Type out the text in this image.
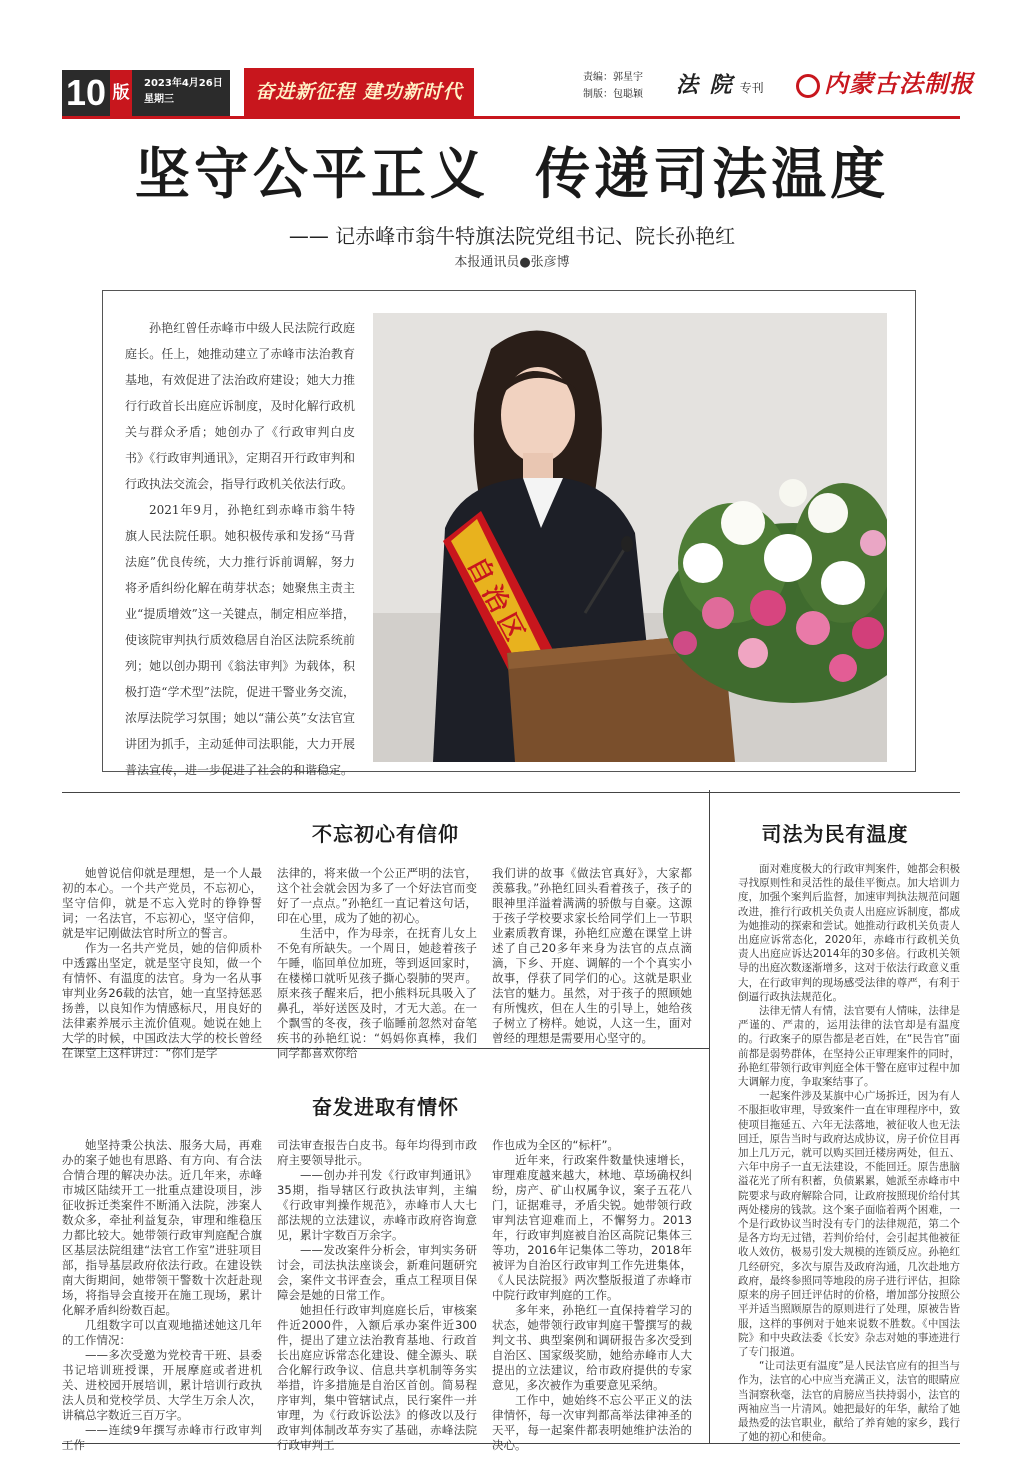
10 版 2023年4月26日
星期三	奋进新征程 建功新时代
责编：郭星宇
制版：包聪颖 法 院 专刊	内蒙古法制报
坚守公平正义  传递司法温度
—— 记赤峰市翁牛特旗法院党组书记、院长孙艳红
本报通讯员●张彦博

孙艳红曾任赤峰市中级人民法院行政庭庭长。任上，她推动建立了赤峰市法治教育基地，有效促进了法治政府建设；她大力推行行政首长出庭应诉制度，及时化解行政机关与群众矛盾；她创办了《行政审判白皮书》《行政审判通讯》，定期召开行政审判和行政执法交流会，指导行政机关依法行政。

2021年9月，孙艳红到赤峰市翁牛特旗人民法院任职。她积极传承和发扬“马背法庭”优良传统，大力推行诉前调解，努力将矛盾纠纷化解在萌芽状态；她聚焦主责主业“提质增效”这一关键点，制定相应举措，使该院审判执行质效稳居自治区法院系统前列；她以创办期刊《翁法审判》为载体，积极打造“学术型”法院，促进干警业务交流，浓厚法院学习氛围；她以“蒲公英”女法官宣讲团为抓手，主动延伸司法职能，大力开展普法宣传，进一步促进了社会的和谐稳定。

自治区
不忘初心有信仰

她曾说信仰就是理想，是一个人最初的本心。一个共产党员，不忘初心，坚守信仰，就是不忘入党时的铮铮誓词；一名法官，不忘初心，坚守信仰，就是牢记刚做法官时所立的誓言。

作为一名共产党员，她的信仰质朴中透露出坚定，就是坚守良知，做一个有情怀、有温度的法官。身为一名从事审判业务26载的法官，她一直坚持惩恶扬善，以良知作为情感标尺，用良好的法律素养展示主流价值观。她说在她上大学的时候，中国政法大学的校长曾经在课堂上这样讲过：“你们是学

法律的，将来做一个公正严明的法官，这个社会就会因为多了一个好法官而变好了一点点。”孙艳红一直记着这句话，印在心里，成为了她的初心。

生活中，作为母亲，在抚育儿女上不免有所缺失。一个周日，她趁着孩子午睡，临回单位加班，等到返回家时，在楼梯口就听见孩子撕心裂肺的哭声。原来孩子醒来后，把小熊料玩具吸入了鼻孔，举好送医及时，才无大恙。在一个飘雪的冬夜，孩子临睡前忽然对奋笔疾书的孙艳红说：“妈妈你真棒，我们同学都喜欢你给

我们讲的故事《做法官真好》，大家都羡慕我。”孙艳红回头看着孩子，孩子的眼神里洋溢着满满的骄傲与自豪。这源于孩子学校要求家长给同学们上一节职业素质教育课，孙艳红应邀在课堂上讲述了自己20多年来身为法官的点点滴滴，下乡、开庭、调解的一个个真实小故事，俘获了同学们的心。这就是职业法官的魅力。虽然，对于孩子的照顾她有所愧疚，但在人生的引导上，她给孩子树立了榜样。她说，人这一生，面对曾经的理想是需要用心坚守的。

奋发进取有情怀

她坚持秉公执法、服务大局，再难办的案子她也有思路、有方向、有合法合情合理的解决办法。近几年来，赤峰市城区陆续开工一批重点建设项目，涉征收拆迁类案件不断涌入法院，涉案人数众多，牵扯利益复杂，审理和维稳压力都比较大。她带领行政审判庭配合旗区基层法院组建“法官工作室”进驻项目部，指导基层政府依法行政。在建设铁南大街期间，她带领干警数十次赶赴现场，将指导会直接开在施工现场，累计化解矛盾纠纷数百起。

几组数字可以直观地描述她这几年的工作情况：

——多次受邀为党校青干班、县委书记培训班授课，开展摩庭或者进机关、进校园开展培训，累计培训行政执法人员和党校学员、大学生万余人次，讲稿总字数近三百万字。

——连续9年撰写赤峰市行政审判工作

司法审查报告白皮书。每年均得到市政府主要领导批示。

——创办并刊发《行政审判通讯》35期，指导辖区行政执法审判，主编《行政审判操作规范》，赤峰市人大七部法规的立法建议，赤峰市政府咨询意见，累计字数百万余字。

——发改案件分析会，审判实务研讨会，司法执法座谈会，新难问题研究会，案件文书评查会，重点工程项目保障会是她的日常工作。

她担任行政审判庭庭长后，审核案件近2000件，入额后承办案件近300件，提出了建立法治教育基地、行政首长出庭应诉常态化建设、健全源头、联合化解行政争议、信息共享机制等务实举措，许多措施是自治区首创。简易程序审判，集中管辖试点，民行案件一并审理，为《行政诉讼法》的修改以及行政审判体制改革夯实了基础，赤峰法院行政审判工

作也成为全区的“标杆”。

近年来，行政案件数量快速增长，审理难度越来越大，林地、草场确权纠纷，房产、矿山权属争议，案子五花八门，证据难寻，矛盾尖锐。她带领行政审判法官迎难而上，不懈努力。2013年，行政审判庭被自治区高院记集体三等功，2016年记集体二等功，2018年被评为自治区行政审判工作先进集体，《人民法院报》两次整版报道了赤峰市中院行政审判庭的工作。

多年来，孙艳红一直保持着学习的状态，她带领行政审判庭干警撰写的裁判文书、典型案例和调研报告多次受到自治区、国家级奖励，她给赤峰市人大提出的立法建议，给市政府提供的专家意见，多次被作为重要意见采纳。

工作中，她始终不忘公平正义的法律情怀，每一次审判都高举法律神圣的天平，每一起案件都表明她维护法治的决心。

司法为民有温度

面对难度极大的行政审判案件，她都会积极寻找原则性和灵活性的最佳平衡点。加大培训力度，加强个案判后监督，加速审判执法规范问题改进，推行行政机关负责人出庭应诉制度，都成为她推动的探索和尝试。她推动行政机关负责人出庭应诉常态化，2020年，赤峰市行政机关负责人出庭应诉达2014年的30多倍。行政机关领导的出庭次数逐渐增多，这对于依法行政意义重大，在行政审判的现场感受法律的尊严，有利于倒逼行政执法规范化。

法律无情人有情，法官要有人情味，法律是严谨的、严肃的，运用法律的法官却是有温度的。行政案子的原告都是老百姓，在“民告官”面前都是弱势群体，在坚持公正审理案件的同时，孙艳红带领行政审判庭全体干警在庭审过程中加大调解力度，争取案结事了。

一起案件涉及某旗中心广场拆迁，因为有人不服拒收审理，导致案件一直在审理程序中，致使项目拖延五、六年无法落地，被征收人也无法回迁，原告当时与政府达成协议，房子价位目再加上几万元，就可以购买回迁楼房两处，但五、六年中房子一直无法建设，不能回迁。原告患脑溢花光了所有积蓄，负债累累，她派至赤峰市中院要求与政府解除合同，让政府按照现价给付其两处楼房的钱款。这个案子面临着两个困难，一个是行政协议当时没有专门的法律规范，第二个是各方均无过错，若判价给付，会引起其他被征收人效仿，极易引发大规模的连锁反应。孙艳红几经研究，多次与原告及政府沟通，几次赴地方政府，最终参照同等地段的房子进行评估，担除原来的房子回迁评估时的价格，增加部分按照公平并适当照顾原告的原则进行了处理，原被告皆服，这样的事例对于她来说数不胜数。《中国法院》和中央政法委《长安》杂志对她的事迹进行了专门报道。

“让司法更有温度”是人民法官应有的担当与作为，法官的心中应当充满正义，法官的眼睛应当洞察秋毫，法官的肩膀应当扶持弱小，法官的两袖应当一片清风。她把最好的年华，献给了她最热爱的法官职业，献给了养育她的家乡，践行了她的初心和使命。
